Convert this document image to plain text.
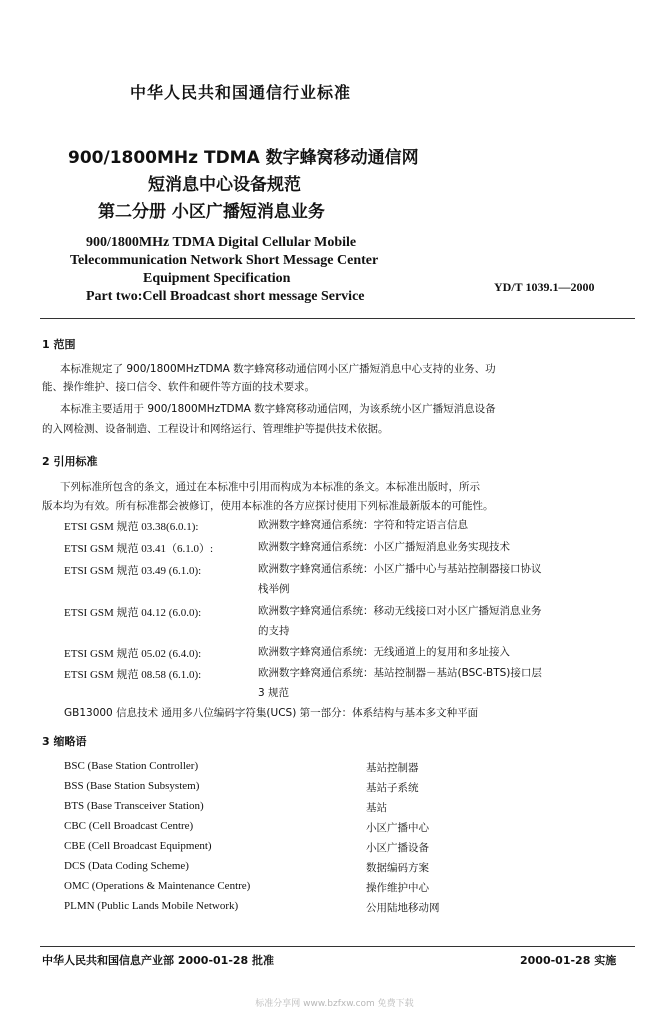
中华人民共和国通信行业标准
900/1800MHz TDMA 数字蜂窝移动通信网
短消息中心设备规范
第二分册 小区广播短消息业务
900/1800MHz TDMA Digital Cellular Mobile
Telecommunication Network Short Message Center
Equipment Specification
Part two:Cell Broadcast short message Service
YD/T 1039.1—2000
1 范围
本标准规定了 900/1800MHzTDMA 数字蜂窝移动通信网小区广播短消息中心支持的业务、功
能、操作维护、接口信令、软件和硬件等方面的技术要求。
本标准主要适用于 900/1800MHzTDMA 数字蜂窝移动通信网，为该系统小区广播短消息设备
的入网检测、设备制造、工程设计和网络运行、管理维护等提供技术依据。
2 引用标准
下列标准所包含的条文，通过在本标准中引用而构成为本标准的条文。本标准出版时，所示
版本均为有效。所有标准都会被修订，使用本标准的各方应探讨使用下列标准最新版本的可能性。
ETSI GSM 规范 03.38(6.0.1):	欧洲数字蜂窝通信系统：字符和特定语言信息
ETSI GSM 规范 03.41（6.1.0）:	欧洲数字蜂窝通信系统：小区广播短消息业务实现技术
ETSI GSM 规范 03.49 (6.1.0):	欧洲数字蜂窝通信系统：小区广播中心与基站控制器接口协议
栈举例
ETSI GSM 规范 04.12 (6.0.0):	欧洲数字蜂窝通信系统：移动无线接口对小区广播短消息业务
的支持
ETSI GSM 规范 05.02 (6.4.0):	欧洲数字蜂窝通信系统：无线通道上的复用和多址接入
ETSI GSM 规范 08.58 (6.1.0):	欧洲数字蜂窝通信系统：基站控制器－基站(BSC-BTS)接口层
3 规范
GB13000 信息技术 通用多八位编码字符集(UCS) 第一部分：体系结构与基本多文种平面
3 缩略语
BSC (Base Station Controller)	基站控制器
BSS (Base Station Subsystem)	基站子系统
BTS (Base Transceiver Station)	基站
CBC (Cell Broadcast Centre)	小区广播中心
CBE (Cell Broadcast Equipment)	小区广播设备
DCS (Data Coding Scheme)	数据编码方案
OMC (Operations & Maintenance Centre)	操作维护中心
PLMN (Public Lands Mobile Network)	公用陆地移动网
中华人民共和国信息产业部 2000-01-28 批准	2000-01-28 实施
标准分享网 www.bzfxw.com 免费下载
